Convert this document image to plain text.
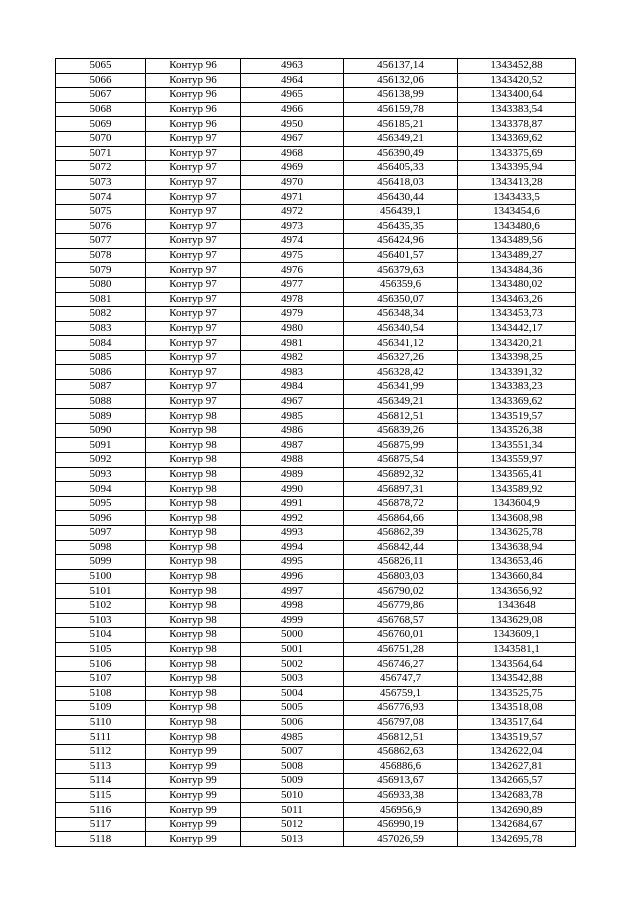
5065	Контур 96	4963	456137,14	1343452,88
5066	Контур 96	4964	456132,06	1343420,52
5067	Контур 96	4965	456138,99	1343400,64
5068	Контур 96	4966	456159,78	1343383,54
5069	Контур 96	4950	456185,21	1343378,87
5070	Контур 97	4967	456349,21	1343369,62
5071	Контур 97	4968	456390,49	1343375,69
5072	Контур 97	4969	456405,33	1343395,94
5073	Контур 97	4970	456418,03	1343413,28
5074	Контур 97	4971	456430,44	1343433,5
5075	Контур 97	4972	456439,1	1343454,6
5076	Контур 97	4973	456435,35	1343480,6
5077	Контур 97	4974	456424,96	1343489,56
5078	Контур 97	4975	456401,57	1343489,27
5079	Контур 97	4976	456379,63	1343484,36
5080	Контур 97	4977	456359,6	1343480,02
5081	Контур 97	4978	456350,07	1343463,26
5082	Контур 97	4979	456348,34	1343453,73
5083	Контур 97	4980	456340,54	1343442,17
5084	Контур 97	4981	456341,12	1343420,21
5085	Контур 97	4982	456327,26	1343398,25
5086	Контур 97	4983	456328,42	1343391,32
5087	Контур 97	4984	456341,99	1343383,23
5088	Контур 97	4967	456349,21	1343369,62
5089	Контур 98	4985	456812,51	1343519,57
5090	Контур 98	4986	456839,26	1343526,38
5091	Контур 98	4987	456875,99	1343551,34
5092	Контур 98	4988	456875,54	1343559,97
5093	Контур 98	4989	456892,32	1343565,41
5094	Контур 98	4990	456897,31	1343589,92
5095	Контур 98	4991	456878,72	1343604,9
5096	Контур 98	4992	456864,66	1343608,98
5097	Контур 98	4993	456862,39	1343625,78
5098	Контур 98	4994	456842,44	1343638,94
5099	Контур 98	4995	456826,11	1343653,46
5100	Контур 98	4996	456803,03	1343660,84
5101	Контур 98	4997	456790,02	1343656,92
5102	Контур 98	4998	456779,86	1343648
5103	Контур 98	4999	456768,57	1343629,08
5104	Контур 98	5000	456760,01	1343609,1
5105	Контур 98	5001	456751,28	1343581,1
5106	Контур 98	5002	456746,27	1343564,64
5107	Контур 98	5003	456747,7	1343542,88
5108	Контур 98	5004	456759,1	1343525,75
5109	Контур 98	5005	456776,93	1343518,08
5110	Контур 98	5006	456797,08	1343517,64
5111	Контур 98	4985	456812,51	1343519,57
5112	Контур 99	5007	456862,63	1342622,04
5113	Контур 99	5008	456886,6	1342627,81
5114	Контур 99	5009	456913,67	1342665,57
5115	Контур 99	5010	456933,38	1342683,78
5116	Контур 99	5011	456956,9	1342690,89
5117	Контур 99	5012	456990,19	1342684,67
5118	Контур 99	5013	457026,59	1342695,78
